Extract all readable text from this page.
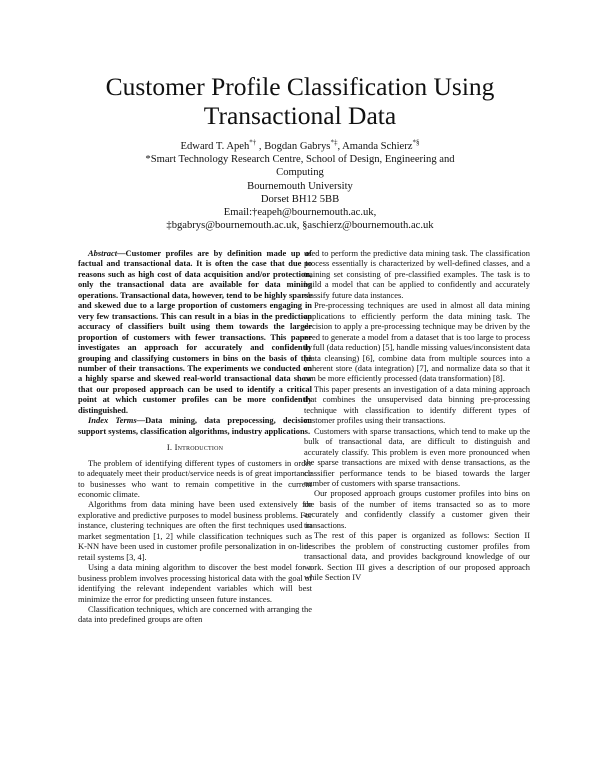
Customer Profile Classification Using
Transactional Data
Edward T. Apeh*† , Bogdan Gabrys*‡, Amanda Schierz*§
*Smart Technology Research Centre, School of Design, Engineering and
Computing
Bournemouth University
Dorset BH12 5BB
Email:†eapeh@bournemouth.ac.uk,
‡bgabrys@bournemouth.ac.uk, §aschierz@bournemouth.ac.uk

Abstract—Customer profiles are by definition made up of factual and transactional data. It is often the case that due to reasons such as high cost of data acquisition and/or protection, only the transactional data are available for data mining operations. Transactional data, however, tend to be highly sparse and skewed due to a large proportion of customers engaging in very few transactions. This can result in a bias in the prediction accuracy of classifiers built using them towards the larger proportion of customers with fewer transactions. This paper investigates an approach for accurately and confidently grouping and classifying customers in bins on the basis of the number of their transactions. The experiments we conducted on a highly sparse and skewed real-world transactional data show that our proposed approach can be used to identify a critical point at which customer profiles can be more confidently distinguished.

Index Terms—Data mining, data prepocessing, decision support systems, classification algorithms, industry applications.

I. Introduction

The problem of identifying different types of customers in order to adequately meet their product/service needs is of great importance to businesses who want to remain competitive in the current economic climate.

Algorithms from data mining have been used extensively for explorative and predictive purposes to model business problems. For instance, clustering techniques are often the first techniques used in market segmentation [1, 2] while classification techniques such as K-NN have been used in customer profile personalization in on-line retail systems [3, 4].

Using a data mining algorithm to discover the best model for a business problem involves processing historical data with the goal of identifying the relevant independent variables which will best minimize the error for predicting unseen future instances.

Classification techniques, which are concerned with arranging the data into predefined groups are often

used to perform the predictive data mining task. The classification process essentially is characterized by well-defined classes, and a training set consisting of pre-classified examples. The task is to build a model that can be applied to confidently and accurately classify future data instances.

Pre-processing techniques are used in almost all data mining applications to efficiently perform the data mining task. The decision to apply a pre-processing technique may be driven by the need to generate a model from a dataset that is too large to process in full (data reduction) [5], handle missing values/inconsistent data (data cleansing) [6], combine data from multiple sources into a coherent store (data integration) [7], and normalize data so that it can be more efficiently processed (data transformation) [8].

This paper presents an investigation of a data mining approach that combines the unsupervised data binning pre-processing technique with classification to identify different types of customer profiles using their transactions.

Customers with sparse transactions, which tend to make up the bulk of transactional data, are difficult to distinguish and accurately classify. This problem is even more pronounced when the sparse transactions are mixed with dense transactions, as the classifier performance tends to be biased towards the larger number of customers with sparse transactions.

Our proposed approach groups customer profiles into bins on the basis of the number of items transacted so as to more accurately and confidently classify a customer given their transactions.

The rest of this paper is organized as follows: Section II describes the problem of constructing customer profiles from transactional data, and provides background knowledge of our work. Section III gives a description of our proposed approach while Section IV
